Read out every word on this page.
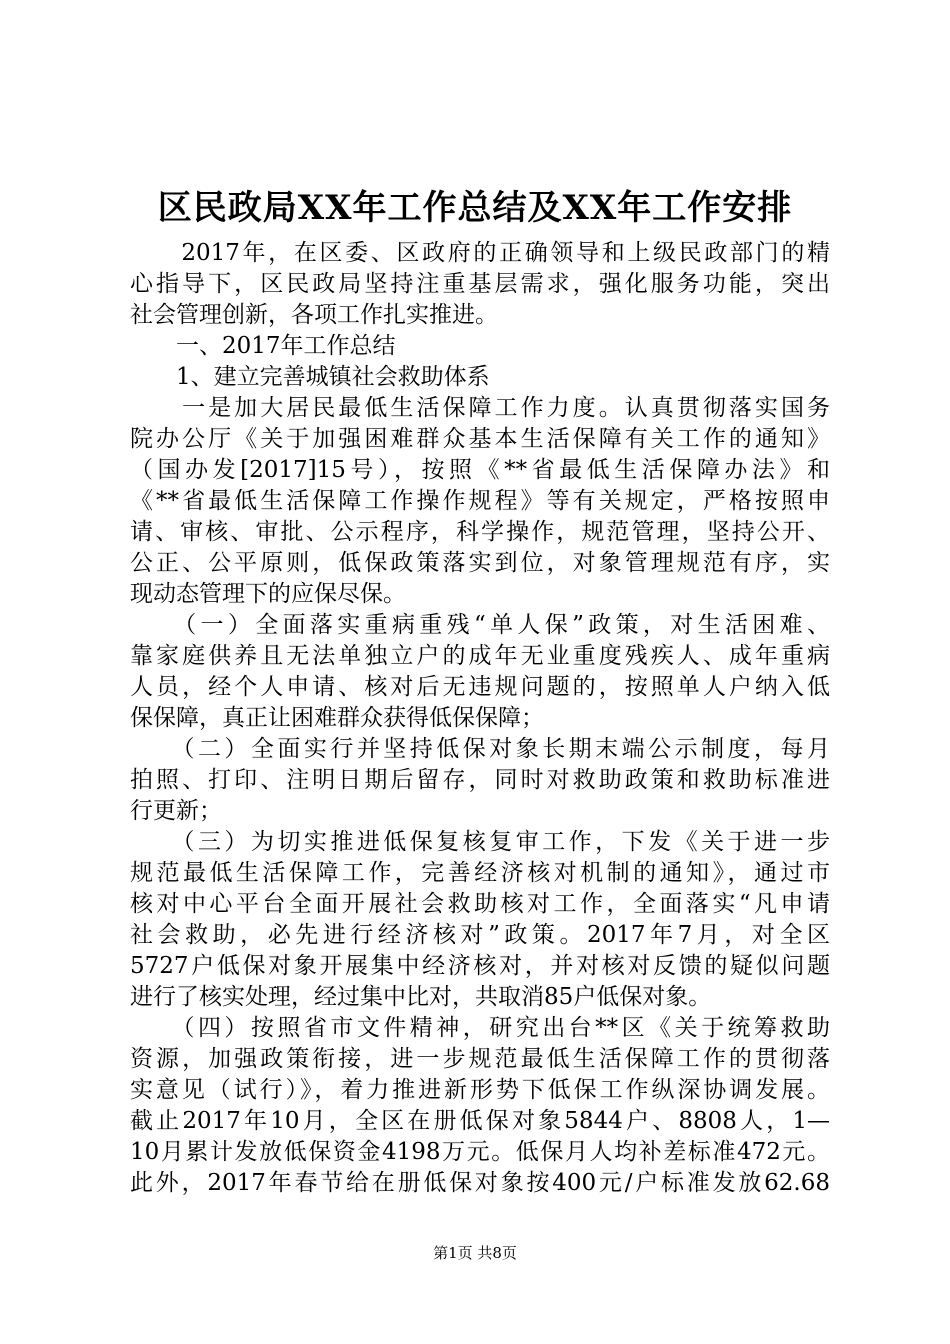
区民政局XX年工作总结及XX年工作安排
　　2017年，在区委、区政府的正确领导和上级民政部门的精
心指导下，区民政局坚持注重基层需求，强化服务功能，突出
社会管理创新，各项工作扎实推进。
　　一、2017年工作总结
　　1、建立完善城镇社会救助体系
　　一是加大居民最低生活保障工作力度。认真贯彻落实国务
院办公厅《关于加强困难群众基本生活保障有关工作的通知》
（国办发[2017]15号），按照《**省最低生活保障办法》和
《**省最低生活保障工作操作规程》等有关规定，严格按照申
请、审核、审批、公示程序，科学操作，规范管理，坚持公开、
公正、公平原则，低保政策落实到位，对象管理规范有序，实
现动态管理下的应保尽保。
　　（一）全面落实重病重残“单人保”政策，对生活困难、
靠家庭供养且无法单独立户的成年无业重度残疾人、成年重病
人员，经个人申请、核对后无违规问题的，按照单人户纳入低
保保障，真正让困难群众获得低保保障；
　　（二）全面实行并坚持低保对象长期末端公示制度，每月
拍照、打印、注明日期后留存，同时对救助政策和救助标准进
行更新；
　　（三）为切实推进低保复核复审工作，下发《关于进一步
规范最低生活保障工作，完善经济核对机制的通知》，通过市
核对中心平台全面开展社会救助核对工作，全面落实“凡申请
社会救助，必先进行经济核对”政策。2017年7月，对全区
5727户低保对象开展集中经济核对，并对核对反馈的疑似问题
进行了核实处理，经过集中比对，共取消85户低保对象。
　　（四）按照省市文件精神，研究出台**区《关于统筹救助
资源，加强政策衔接，进一步规范最低生活保障工作的贯彻落
实意见（试行）》，着力推进新形势下低保工作纵深协调发展。
截止2017年10月，全区在册低保对象5844户、8808人，1—
10月累计发放低保资金4198万元。低保月人均补差标准472元。
此外，2017年春节给在册低保对象按400元/户标准发放62.68
第1页 共8页
